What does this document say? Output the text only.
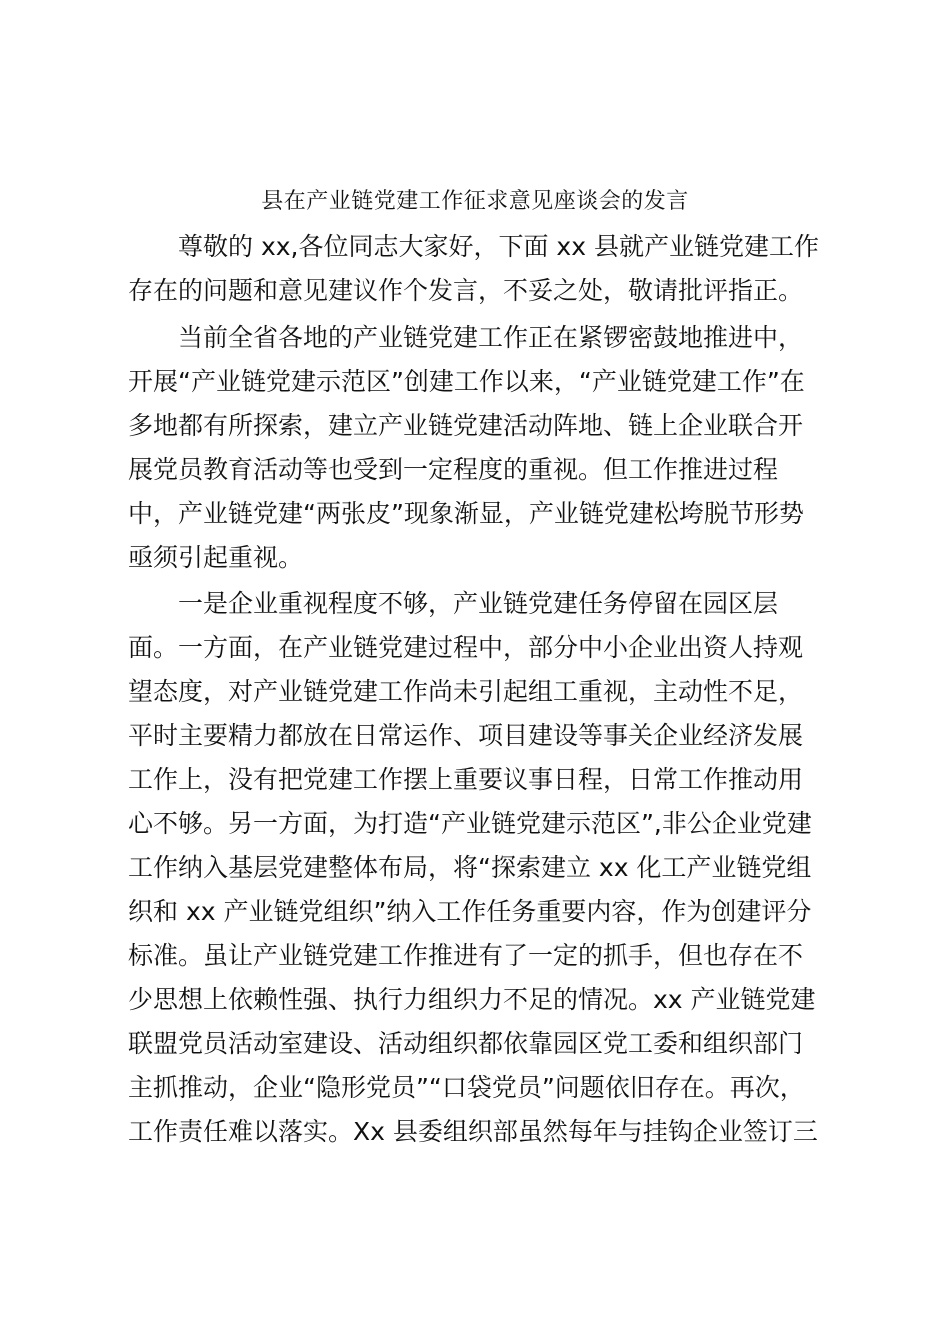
县在产业链党建工作征求意见座谈会的发言

尊敬的 xx,各位同志大家好，下面 xx 县就产业链党建工作

存在的问题和意见建议作个发言，不妥之处，敬请批评指正。

当前全省各地的产业链党建工作正在紧锣密鼓地推进中，

开展“产业链党建示范区”创建工作以来，“产业链党建工作”在

多地都有所探索，建立产业链党建活动阵地、链上企业联合开

展党员教育活动等也受到一定程度的重视。但工作推进过程

中，产业链党建“两张皮”现象渐显，产业链党建松垮脱节形势

亟须引起重视。

一是企业重视程度不够，产业链党建任务停留在园区层

面。一方面，在产业链党建过程中，部分中小企业出资人持观

望态度，对产业链党建工作尚未引起组工重视，主动性不足，

平时主要精力都放在日常运作、项目建设等事关企业经济发展

工作上，没有把党建工作摆上重要议事日程，日常工作推动用

心不够。另一方面，为打造“产业链党建示范区”,非公企业党建

工作纳入基层党建整体布局，将“探索建立 xx 化工产业链党组

织和 xx 产业链党组织”纳入工作任务重要内容，作为创建评分

标准。虽让产业链党建工作推进有了一定的抓手，但也存在不

少思想上依赖性强、执行力组织力不足的情况。xx 产业链党建

联盟党员活动室建设、活动组织都依靠园区党工委和组织部门

主抓推动，企业“隐形党员”“口袋党员”问题依旧存在。再次，

工作责任难以落实。Xx 县委组织部虽然每年与挂钩企业签订三
